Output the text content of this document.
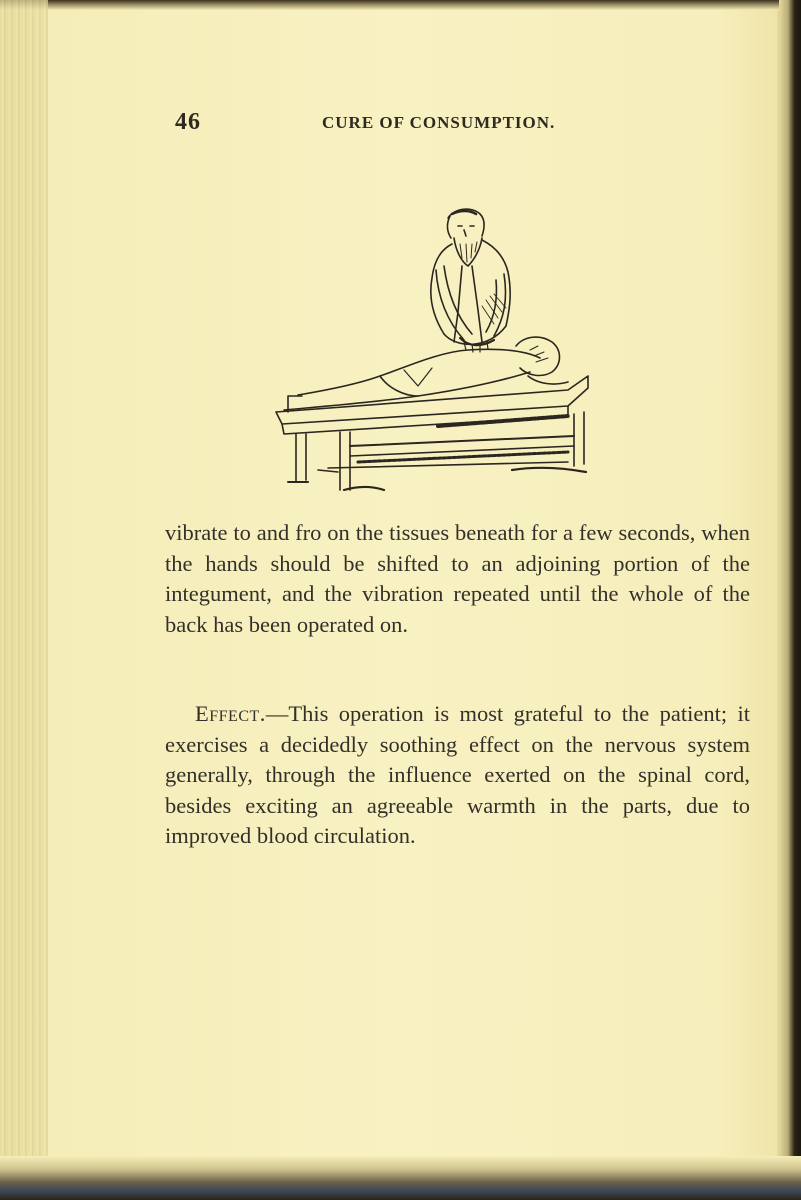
46	CURE OF CONSUMPTION.
vibrate to and fro on the tissues beneath for a few seconds, when the hands should be shifted to an adjoining portion of the integument, and the vibration repeated until the whole of the back has been operated on.
Effect.—This operation is most grateful to the patient; it exercises a decidedly soothing effect on the nervous system generally, through the influence exerted on the spinal cord, besides exciting an agreeable warmth in the parts, due to improved blood circulation.
